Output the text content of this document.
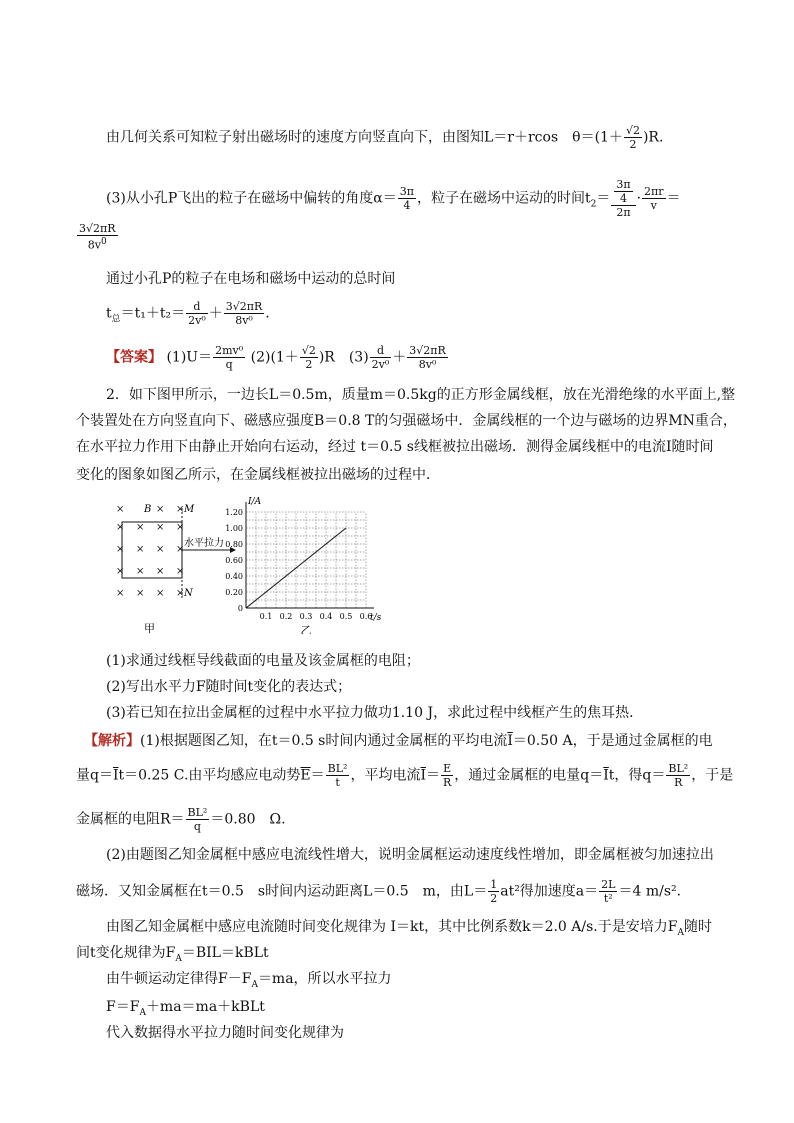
由几何关系可知粒子射出磁场时的速度方向竖直向下，由图知L＝r＋rcos　$\theta=(1+ \frac{√2}{2} )R$.
(3)从小孔P飞出的粒子在磁场中偏转的角度$\alpha= \frac{3\pi}{4}$ ，粒子在磁场中运动的时间$t_2= \frac{\frac{3\pi}{4}}{2\pi} \cdot \frac{2\pi r}{v}$ ＝
$\frac{3√2\pi R}{8v^0}$
通过小孔P的粒子在电场和磁场中运动的总时间
$t_总=t_1+t_2= \frac{d}{\text{2v⁰}} + \frac{3√2\pi R}{\text{8v⁰}}$ .
【答案】 $(1)U= \frac{\text{2mv⁰}}{q} (2)(1+ \frac{√2}{2} )R$　$(3) \frac{d}{\text{2v⁰}} + \frac{3√2\pi R}{\text{8v⁰}}$
2．如下图甲所示，一边长L＝0.5m，质量m＝0.5kg的正方形金属线框，放在光滑绝缘的水平面上,整
个装置处在方向竖直向下、磁感应强度B＝0.8 T的匀强磁场中．金属线框的一个边与磁场的边界MN重合，
在水平拉力作用下由静止开始向右运动，经过 t＝0.5 s线框被拉出磁场．测得金属线框中的电流I随时间
变化的图象如图乙所示，在金属线框被拉出磁场的过程中．
×	× ×
× × × ×
× × × ×
× × × ×
× × × ×
B	M
N
水平拉力
甲
I/A
t/s
0
0.20
0.40
0.60
0.80
1.00
1.20
0.1 0.2 0.3 0.4 0.5 0.6
乙
(1)求通过线框导线截面的电量及该金属框的电阻；
(2)写出水平力F随时间t变化的表达式；
(3)若已知在拉出金属框的过程中水平拉力做功1.10 J，求此过程中线框产生的焦耳热．
【解析】(1)根据题图乙知，在t＝0.5 s时间内通过金属框的平均电流$\overline{I}=0.50$ A，于是通过金属框的电
量$q=\overline{I}t=0.25$ C.由平均感应电动势$\overline{E}= \frac{\text{BL²}}{t}$ ，平均电流$\overline{I}= \frac{E}{R}$ ，通过金属框的电量$q=\overline{I}t$，得$q= \frac{\text{BL²}}{R}$ ，于是
金属框的电阻$R= \frac{\text{BL²}}{q} =0.80$　Ω.
(2)由题图乙知金属框中感应电流线性增大，说明金属框运动速度线性增加，即金属框被匀加速拉出
磁场．又知金属框在t＝0.5　s时间内运动距离L＝0.5　m，由$L= \frac{1}{2} at^2$得加速度$a= \frac{2L}{\text{t²}} =4$ m/s².
由图乙知金属框中感应电流随时间变化规律为 I＝kt，其中比例系数k＝2.0 A/s.于是安培力$F_A$随时
间t变化规律为$F_A=BIL=kBLt$
由牛顿运动定律得$F-F_A=ma$，所以水平拉力
$F=F_A+ma=ma+kBLt$
代入数据得水平拉力随时间变化规律为
